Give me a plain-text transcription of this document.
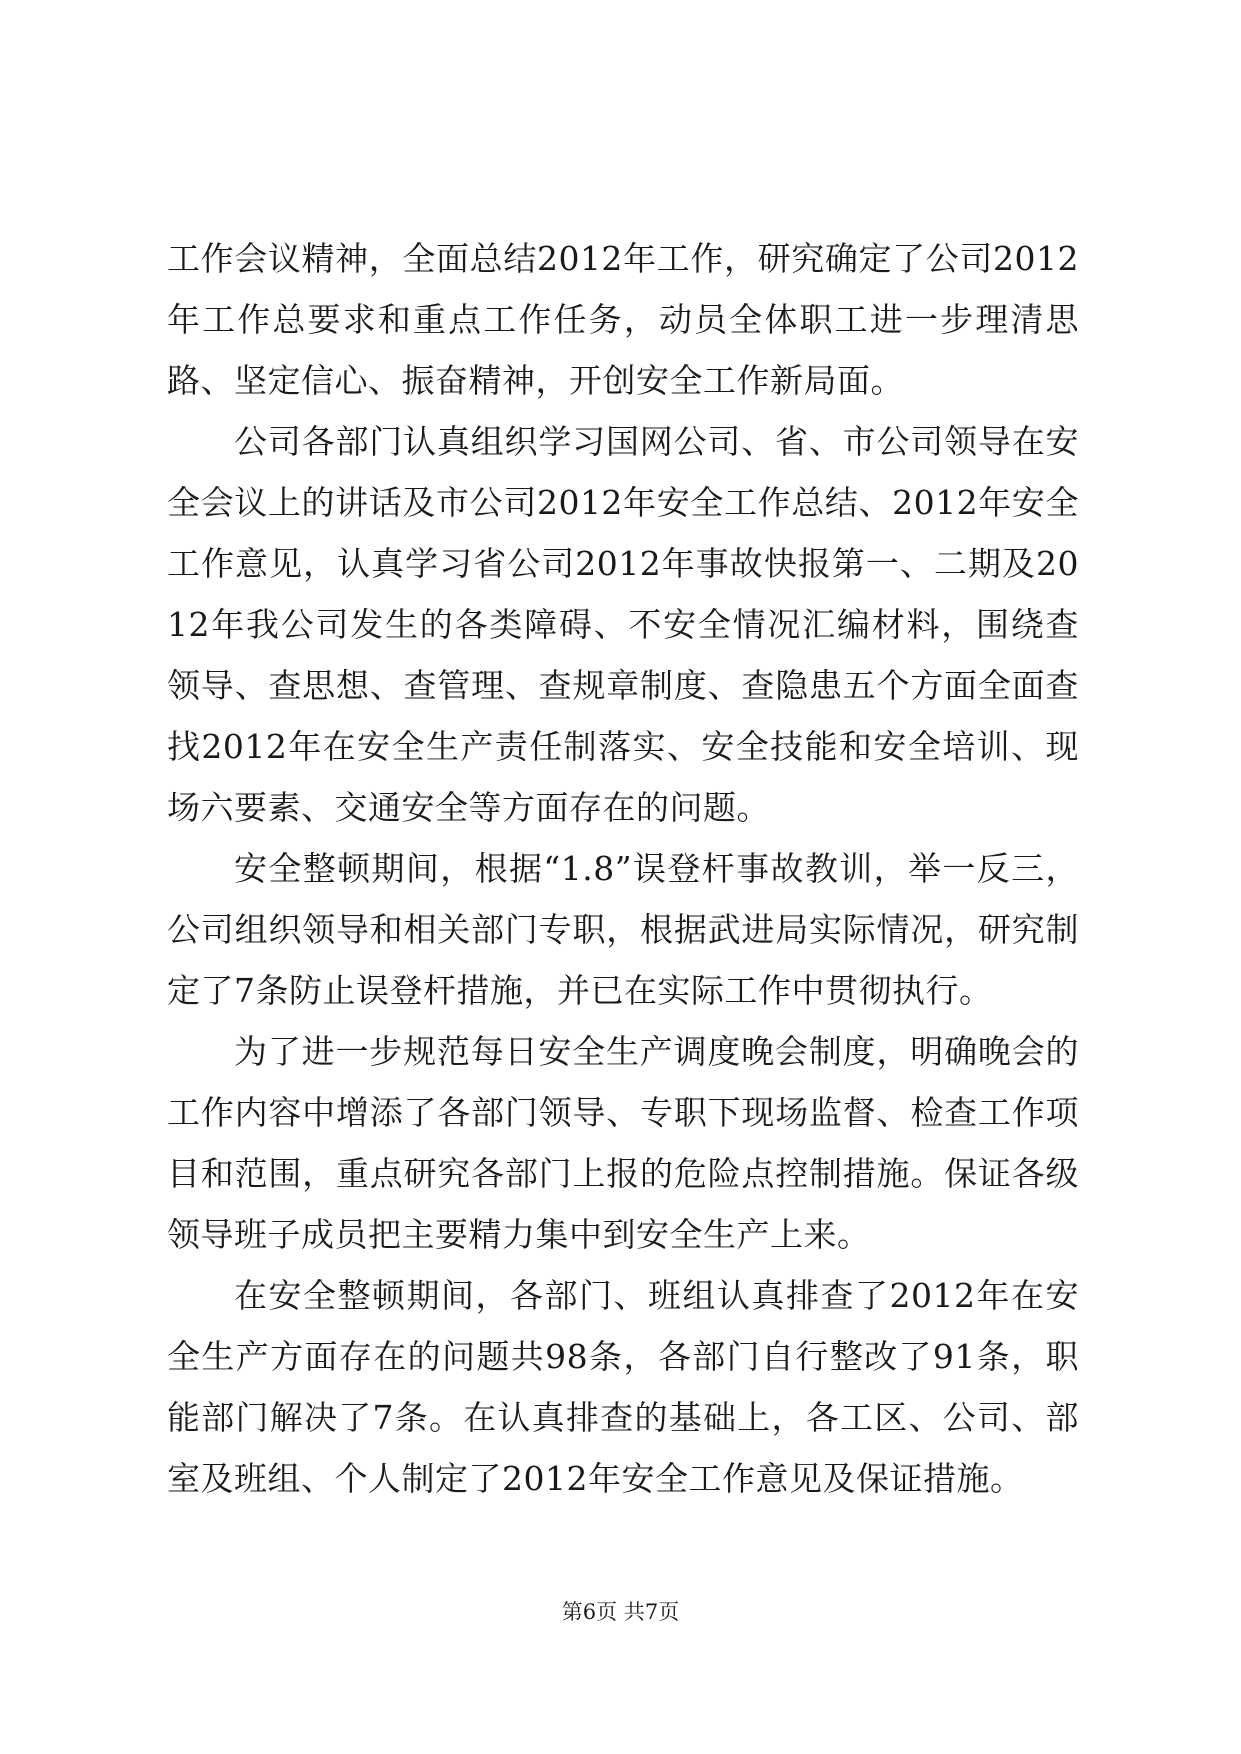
工作会议精神，全面总结2012年工作，研究确定了公司2012年工作总要求和重点工作任务，动员全体职工进一步理清思路、坚定信心、振奋精神，开创安全工作新局面。

公司各部门认真组织学习国网公司、省、市公司领导在安全会议上的讲话及市公司2012年安全工作总结、2012年安全工作意见，认真学习省公司2012年事故快报第一、二期及2012年我公司发生的各类障碍、不安全情况汇编材料，围绕查领导、查思想、查管理、查规章制度、查隐患五个方面全面查找2012年在安全生产责任制落实、安全技能和安全培训、现场六要素、交通安全等方面存在的问题。

安全整顿期间，根据“1.8”误登杆事故教训，举一反三，公司组织领导和相关部门专职，根据武进局实际情况，研究制定了7条防止误登杆措施，并已在实际工作中贯彻执行。

为了进一步规范每日安全生产调度晚会制度，明确晚会的工作内容中增添了各部门领导、专职下现场监督、检查工作项目和范围，重点研究各部门上报的危险点控制措施。保证各级领导班子成员把主要精力集中到安全生产上来。

在安全整顿期间，各部门、班组认真排查了2012年在安全生产方面存在的问题共98条，各部门自行整改了91条，职能部门解决了7条。在认真排查的基础上，各工区、公司、部室及班组、个人制定了2012年安全工作意见及保证措施。

第6页 共7页
